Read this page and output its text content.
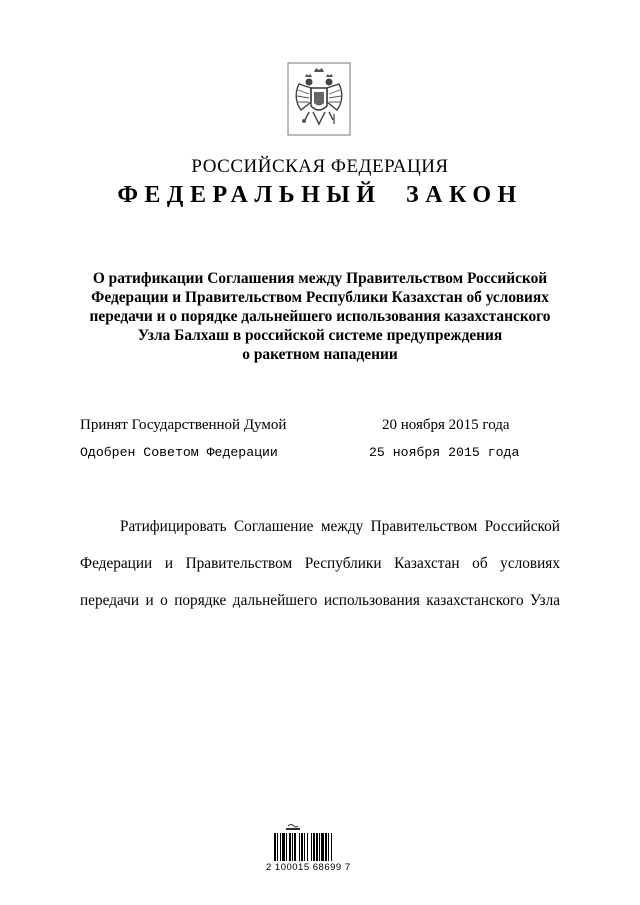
РОССИЙСКАЯ ФЕДЕРАЦИЯ
ФЕДЕРАЛЬНЫЙ ЗАКОН
О ратификации Соглашения между Правительством Российской
Федерации и Правительством Республики Казахстан об условиях
передачи и о порядке дальнейшего использования казахстанского
Узла Балхаш в российской системе предупреждения
о ракетном нападении
Принят Государственной Думой	20 ноября 2015 года
Одобрен Советом Федерации	25 ноября 2015 года
Ратифицировать Соглашение между Правительством Российской
Федерации и Правительством Республики Казахстан об условиях
передачи и о порядке дальнейшего использования казахстанского Узла
2 100015 68699 7
